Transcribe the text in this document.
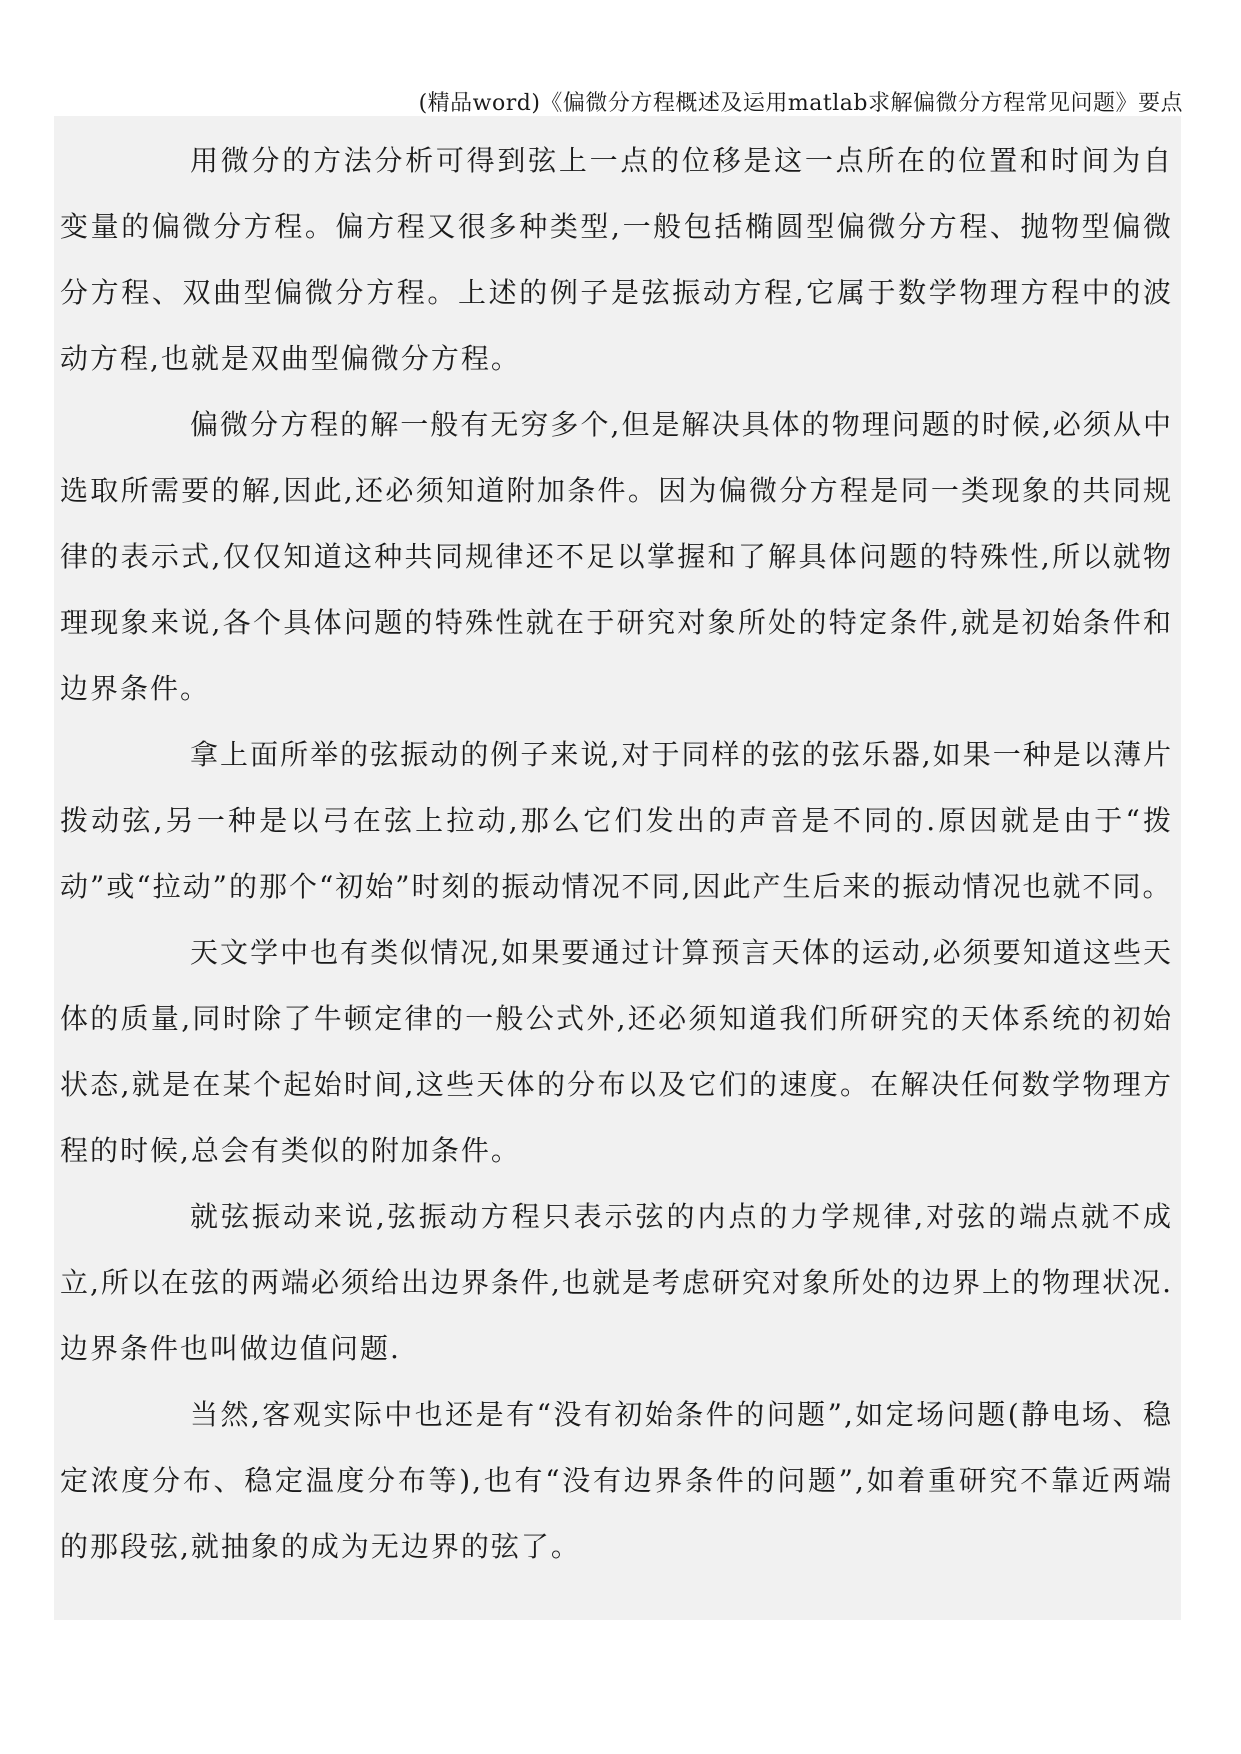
(精品word)《偏微分方程概述及运用matlab求解偏微分方程常见问题》要点

用微分的方法分析可得到弦上一点的位移是这一点所在的位置和时间为自变量的偏微分方程。偏方程又很多种类型,一般包括椭圆型偏微分方程、抛物型偏微分方程、双曲型偏微分方程。上述的例子是弦振动方程,它属于数学物理方程中的波动方程,也就是双曲型偏微分方程。

偏微分方程的解一般有无穷多个,但是解决具体的物理问题的时候,必须从中选取所需要的解,因此,还必须知道附加条件。因为偏微分方程是同一类现象的共同规律的表示式,仅仅知道这种共同规律还不足以掌握和了解具体问题的特殊性,所以就物理现象来说,各个具体问题的特殊性就在于研究对象所处的特定条件,就是初始条件和边界条件。

拿上面所举的弦振动的例子来说,对于同样的弦的弦乐器,如果一种是以薄片拨动弦,另一种是以弓在弦上拉动,那么它们发出的声音是不同的.原因就是由于“拨动”或“拉动”的那个“初始”时刻的振动情况不同,因此产生后来的振动情况也就不同。

天文学中也有类似情况,如果要通过计算预言天体的运动,必须要知道这些天体的质量,同时除了牛顿定律的一般公式外,还必须知道我们所研究的天体系统的初始状态,就是在某个起始时间,这些天体的分布以及它们的速度。在解决任何数学物理方程的时候,总会有类似的附加条件。

就弦振动来说,弦振动方程只表示弦的内点的力学规律,对弦的端点就不成立,所以在弦的两端必须给出边界条件,也就是考虑研究对象所处的边界上的物理状况.边界条件也叫做边值问题.

当然,客观实际中也还是有“没有初始条件的问题”,如定场问题(静电场、稳定浓度分布、稳定温度分布等),也有“没有边界条件的问题”,如着重研究不靠近两端的那段弦,就抽象的成为无边界的弦了。
